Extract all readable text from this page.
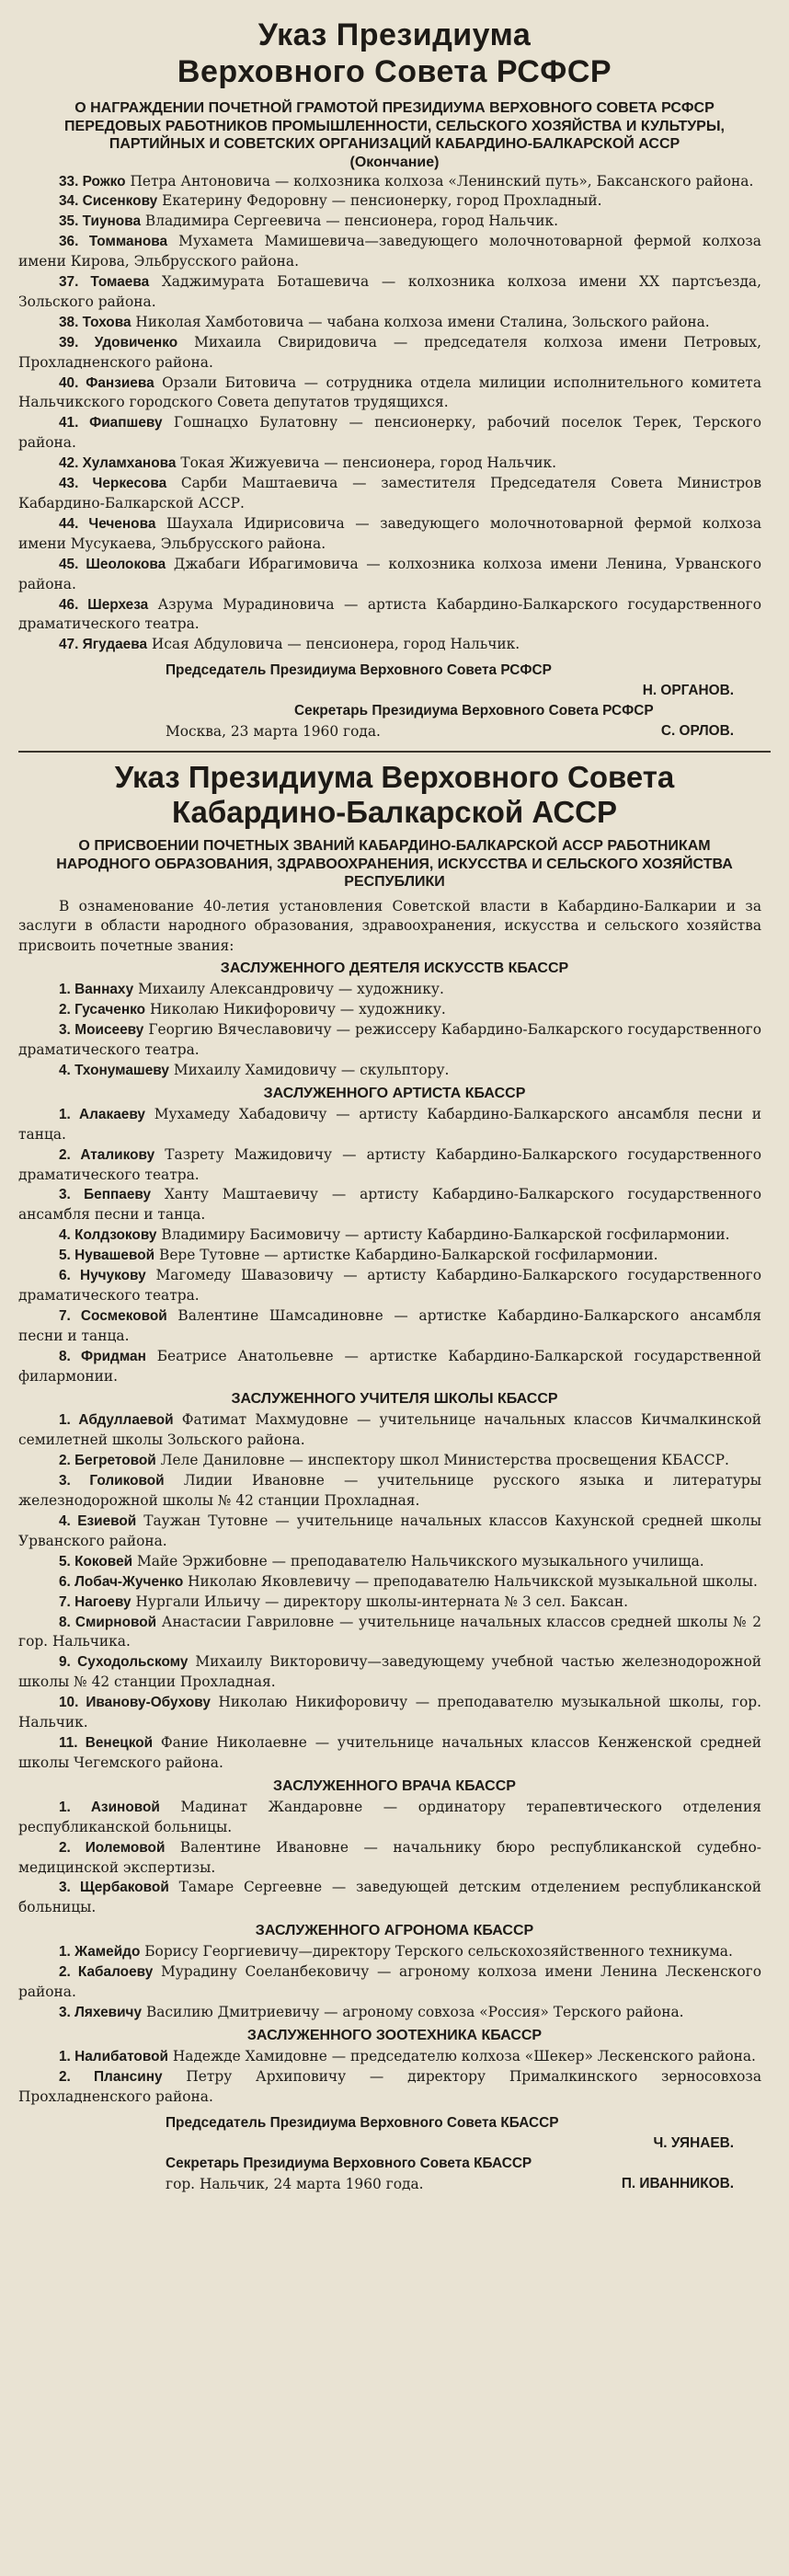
Указ Президиума
Верховного Совета РСФСР
О НАГРАЖДЕНИИ ПОЧЕТНОЙ ГРАМОТОЙ ПРЕЗИДИУМА ВЕРХОВНОГО СОВЕТА РСФСР ПЕРЕДОВЫХ РАБОТНИКОВ ПРОМЫШЛЕННОСТИ, СЕЛЬСКОГО ХОЗЯЙСТВА И КУЛЬТУРЫ, ПАРТИЙНЫХ И СОВЕТСКИХ ОРГАНИЗАЦИЙ КАБАРДИНО-БАЛКАРСКОЙ АССР
(Окончание)

33. Рожко Петра Антоновича — колхозника колхоза «Ленинский путь», Баксанского района.

34. Сисенкову Екатерину Федоровну — пенсионерку, город Прохладный.

35. Тиунова Владимира Сергеевича — пенсионера, город Нальчик.

36. Томманова Мухамета Мамишевича—заведующего молочнотоварной фермой колхоза имени Кирова, Эльбрусского района.

37. Томаева Хаджимурата Боташевича — колхозника колхоза имени XX партсъезда, Зольского района.

38. Тохова Николая Хамботовича — чабана колхоза имени Сталина, Зольского района.

39. Удовиченко Михаила Свиридовича — председателя колхоза имени Петровых, Прохладненского района.

40. Фанзиева Орзали Битовича — сотрудника отдела милиции исполнительного комитета Нальчикского городского Совета депутатов трудящихся.

41. Фиапшеву Гошнацхо Булатовну — пенсионерку, рабочий поселок Терек, Терского района.

42. Хуламханова Токая Жижуевича — пенсионера, город Нальчик.

43. Черкесова Сарби Маштаевича — заместителя Председателя Совета Министров Кабардино-Балкарской АССР.

44. Чеченова Шаухала Идирисовича — заведующего молочнотоварной фермой колхоза имени Мусукаева, Эльбрусского района.

45. Шеолокова Джабаги Ибрагимовича — колхозника колхоза имени Ленина, Урванского района.

46. Шерхеза Азрума Мурадиновича — артиста Кабардино-Балкарского государственного драматического театра.

47. Ягудаева Исая Абдуловича — пенсионера, город Нальчик.

Председатель Президиума Верховного Совета РСФСР
Н. ОРГАНОВ.
Секретарь Президиума Верховного Совета РСФСР
Москва, 23 марта 1960 года.	С. ОРЛОВ.
Указ Президиума Верховного Совета
Кабардино-Балкарской АССР
О ПРИСВОЕНИИ ПОЧЕТНЫХ ЗВАНИЙ КАБАРДИНО-БАЛКАРСКОЙ АССР РАБОТНИКАМ НАРОДНОГО ОБРАЗОВАНИЯ, ЗДРАВООХРАНЕНИЯ, ИСКУССТВА И СЕЛЬСКОГО ХОЗЯЙСТВА РЕСПУБЛИКИ

В ознаменование 40-летия установления Советской власти в Кабардино-Балкарии и за заслуги в области народного образования, здравоохранения, искусства и сельского хозяйства присвоить почетные звания:

ЗАСЛУЖЕННОГО ДЕЯТЕЛЯ ИСКУССТВ КБАССР

1. Ваннаху Михаилу Александровичу — художнику.

2. Гусаченко Николаю Никифоровичу — художнику.

3. Моисееву Георгию Вячеславовичу — режиссеру Кабардино-Балкарского государственного драматического театра.

4. Тхонумашеву Михаилу Хамидовичу — скульптору.

ЗАСЛУЖЕННОГО АРТИСТА КБАССР

1. Алакаеву Мухамеду Хабадовичу — артисту Кабардино-Балкарского ансамбля песни и танца.

2. Аталикову Тазрету Мажидовичу — артисту Кабардино-Балкарского государственного драматического театра.

3. Беппаеву Ханту Маштаевичу — артисту Кабардино-Балкарского государственного ансамбля песни и танца.

4. Колдзокову Владимиру Басимовичу — артисту Кабардино-Балкарской госфилармонии.

5. Нувашевой Вере Тутовне — артистке Кабардино-Балкарской госфилармонии.

6. Нучукову Магомеду Шавазовичу — артисту Кабардино-Балкарского государственного драматического театра.

7. Сосмековой Валентине Шамсадиновне — артистке Кабардино-Балкарского ансамбля песни и танца.

8. Фридман Беатрисе Анатольевне — артистке Кабардино-Балкарской государственной филармонии.

ЗАСЛУЖЕННОГО УЧИТЕЛЯ ШКОЛЫ КБАССР

1. Абдуллаевой Фатимат Махмудовне — учительнице начальных классов Кичмалкинской семилетней школы Зольского района.

2. Бегретовой Леле Даниловне — инспектору школ Министерства просвещения КБАССР.

3. Голиковой Лидии Ивановне — учительнице русского языка и литературы железнодорожной школы № 42 станции Прохладная.

4. Езиевой Таужан Тутовне — учительнице начальных классов Кахунской средней школы Урванского района.

5. Коковей Майе Эржибовне — преподавателю Нальчикского музыкального училища.

6. Лобач-Жученко Николаю Яковлевичу — преподавателю Нальчикской музыкальной школы.

7. Нагоеву Нургали Ильичу — директору школы-интерната № 3 сел. Баксан.

8. Смирновой Анастасии Гавриловне — учительнице начальных классов средней школы № 2 гор. Нальчика.

9. Суходольскому Михаилу Викторовичу—заведующему учебной частью железнодорожной школы № 42 станции Прохладная.

10. Иванову-Обухову Николаю Никифоровичу — преподавателю музыкальной школы, гор. Нальчик.

11. Венецкой Фание Николаевне — учительнице начальных классов Кенженской средней школы Чегемского района.

ЗАСЛУЖЕННОГО ВРАЧА КБАССР

1. Азиновой Мадинат Жандаровне — ординатору терапевтического отделения республиканской больницы.

2. Иолемовой Валентине Ивановне — начальнику бюро республиканской судебно-медицинской экспертизы.

3. Щербаковой Тамаре Сергеевне — заведующей детским отделением республиканской больницы.

ЗАСЛУЖЕННОГО АГРОНОМА КБАССР

1. Жамейдо Борису Георгиевичу—директору Терского сельскохозяйственного техникума.

2. Кабалоеву Мурадину Соеланбековичу — агроному колхоза имени Ленина Лескенского района.

3. Ляхевичу Василию Дмитриевичу — агроному совхоза «Россия» Терского района.

ЗАСЛУЖЕННОГО ЗООТЕХНИКА КБАССР

1. Налибатовой Надежде Хамидовне — председателю колхоза «Шекер» Лескенского района.

2. Плансину Петру Архиповичу — директору Прималкинского зерносовхоза Прохладненского района.

Председатель Президиума Верховного Совета КБАССР
Ч. УЯНАЕВ.
Секретарь Президиума Верховного Совета КБАССР
гор. Нальчик, 24 марта 1960 года.	П. ИВАННИКОВ.
